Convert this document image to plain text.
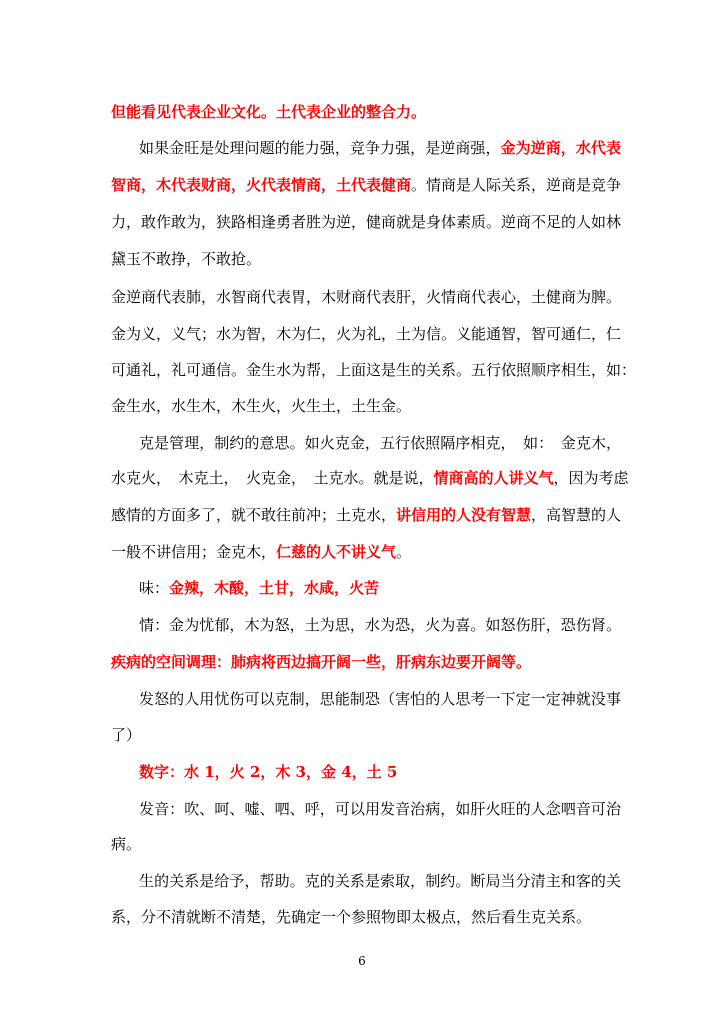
但能看见代表企业文化。土代表企业的整合力。
如果金旺是处理问题的能力强，竞争力强，是逆商强，金为逆商，水代表
智商，木代表财商，火代表情商，土代表健商。情商是人际关系，逆商是竞争
力，敢作敢为，狭路相逢勇者胜为逆，健商就是身体素质。逆商不足的人如林
黛玉不敢挣，不敢抢。
金逆商代表肺，水智商代表胃，木财商代表肝，火情商代表心，土健商为脾。
金为义，义气；水为智，木为仁，火为礼，土为信。义能通智，智可通仁，仁
可通礼，礼可通信。金生水为帮，上面这是生的关系。五行依照顺序相生，如：
金生水，水生木，木生火，火生土，土生金。
克是管理，制约的意思。如火克金，五行依照隔序相克，　如：　金克木，
水克火，　木克土，　火克金，　土克水。就是说，情商高的人讲义气，因为考虑
感情的方面多了，就不敢往前冲；土克水，讲信用的人没有智慧，高智慧的人
一般不讲信用；金克木，仁慈的人不讲义气。
味：金辣，木酸，土甘，水咸，火苦
情：金为忧郁，木为怒，土为思，水为恐，火为喜。如怒伤肝，恐伤肾。
疾病的空间调理：肺病将西边搞开阔一些，肝病东边要开阔等。
发怒的人用忧伤可以克制，思能制恐（害怕的人思考一下定一定神就没事
了）
数字：水 1，火 2，木 3，金 4，土 5
发音：吹、呵、嘘、呬、呼，可以用发音治病，如肝火旺的人念呬音可治
病。
生的关系是给予，帮助。克的关系是索取，制约。断局当分清主和客的关
系，分不清就断不清楚，先确定一个参照物即太极点，然后看生克关系。
6
